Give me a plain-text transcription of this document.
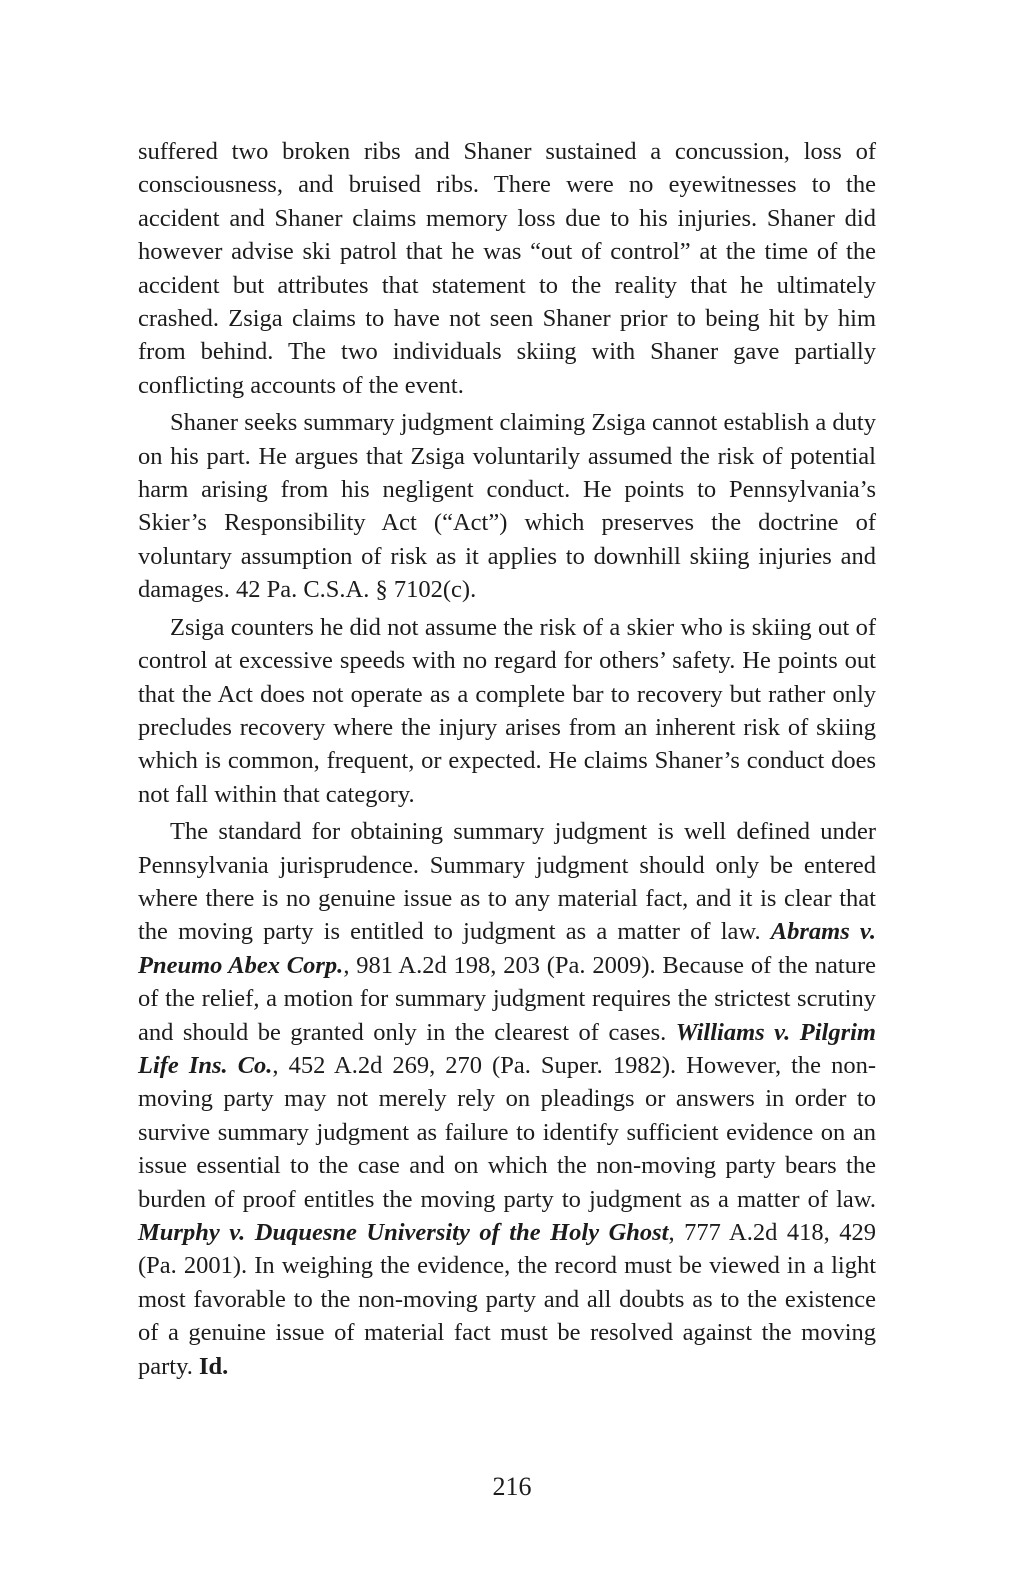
suffered two broken ribs and Shaner sustained a concussion, loss of consciousness, and bruised ribs. There were no eyewitnesses to the accident and Shaner claims memory loss due to his injuries. Shaner did however advise ski patrol that he was “out of control” at the time of the accident but attributes that statement to the reality that he ultimately crashed. Zsiga claims to have not seen Shaner prior to being hit by him from behind. The two individuals skiing with Shaner gave partially conflicting accounts of the event.

Shaner seeks summary judgment claiming Zsiga cannot establish a duty on his part. He argues that Zsiga voluntarily assumed the risk of potential harm arising from his negligent conduct. He points to Pennsylvania’s Skier’s Responsibility Act (“Act”) which preserves the doctrine of voluntary assumption of risk as it applies to downhill skiing injuries and damages. 42 Pa. C.S.A. § 7102(c).

Zsiga counters he did not assume the risk of a skier who is skiing out of control at excessive speeds with no regard for others’ safety. He points out that the Act does not operate as a complete bar to recovery but rather only precludes recovery where the injury arises from an inherent risk of skiing which is common, frequent, or expected. He claims Shaner’s conduct does not fall within that category.

The standard for obtaining summary judgment is well defined under Pennsylvania jurisprudence. Summary judgment should only be entered where there is no genuine issue as to any material fact, and it is clear that the moving party is entitled to judgment as a matter of law. Abrams v. Pneumo Abex Corp., 981 A.2d 198, 203 (Pa. 2009). Because of the nature of the relief, a motion for summary judgment requires the strictest scrutiny and should be granted only in the clearest of cases. Williams v. Pilgrim Life Ins. Co., 452 A.2d 269, 270 (Pa. Super. 1982). However, the non-moving party may not merely rely on pleadings or answers in order to survive summary judgment as failure to identify sufficient evidence on an issue essential to the case and on which the non-moving party bears the burden of proof entitles the moving party to judgment as a matter of law. Murphy v. Duquesne University of the Holy Ghost, 777 A.2d 418, 429 (Pa. 2001). In weighing the evidence, the record must be viewed in a light most favorable to the non-moving party and all doubts as to the existence of a genuine issue of material fact must be resolved against the moving party. Id.

216
